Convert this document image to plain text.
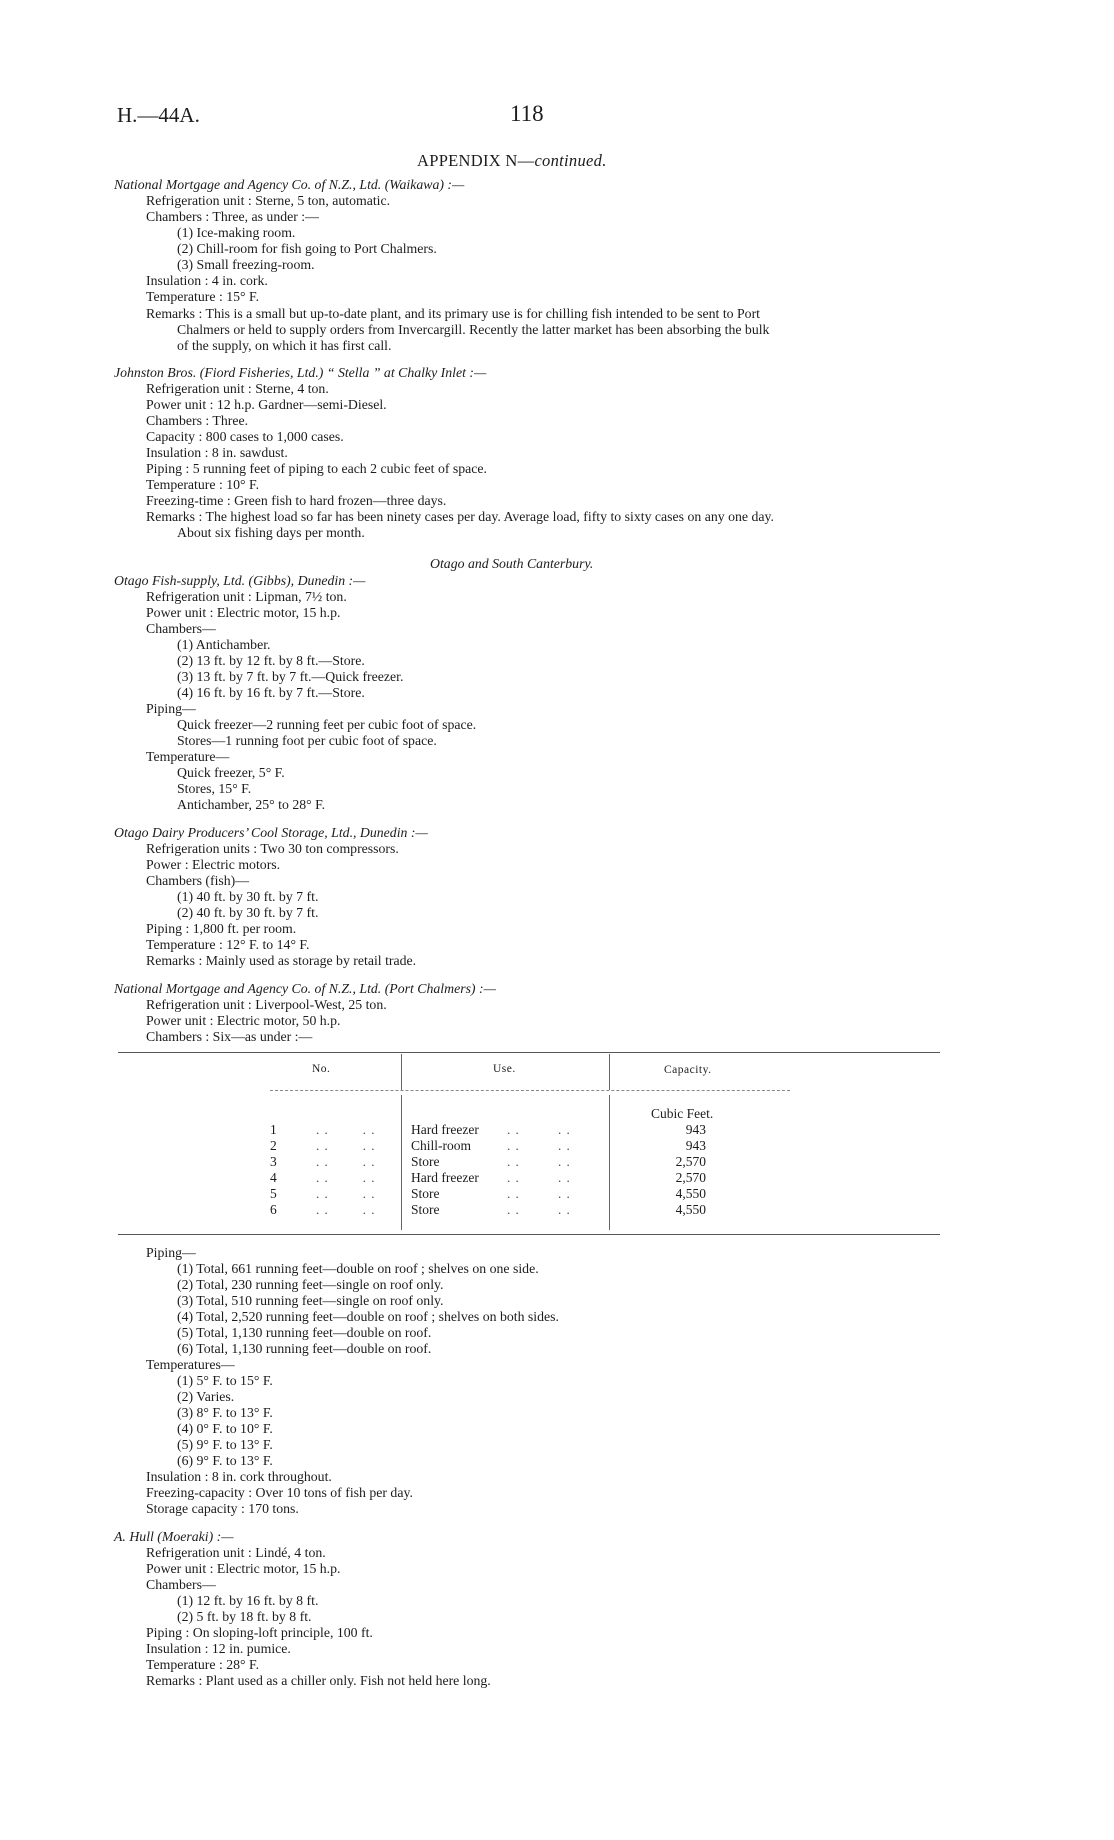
H.—44A.	118
APPENDIX N—continued.
National Mortgage and Agency Co. of N.Z., Ltd. (Waikawa) :—
Refrigeration unit : Sterne, 5 ton, automatic.
Chambers : Three, as under :—
(1) Ice-making room.
(2) Chill-room for fish going to Port Chalmers.
(3) Small freezing-room.
Insulation : 4 in. cork.
Temperature : 15° F.
Remarks : This is a small but up-to-date plant, and its primary use is for chilling fish intended to be sent to Port
Chalmers or held to supply orders from Invercargill. Recently the latter market has been absorbing the bulk
of the supply, on which it has first call.
Johnston Bros. (Fiord Fisheries, Ltd.) “ Stella ” at Chalky Inlet :—
Refrigeration unit : Sterne, 4 ton.
Power unit : 12 h.p. Gardner—semi-Diesel.
Chambers : Three.
Capacity : 800 cases to 1,000 cases.
Insulation : 8 in. sawdust.
Piping : 5 running feet of piping to each 2 cubic feet of space.
Temperature : 10° F.
Freezing-time : Green fish to hard frozen—three days.
Remarks : The highest load so far has been ninety cases per day. Average load, fifty to sixty cases on any one day.
About six fishing days per month.
Otago and South Canterbury.
Otago Fish-supply, Ltd. (Gibbs), Dunedin :—
Refrigeration unit : Lipman, 7½ ton.
Power unit : Electric motor, 15 h.p.
Chambers—
(1) Antichamber.
(2) 13 ft. by 12 ft. by 8 ft.—Store.
(3) 13 ft. by 7 ft. by 7 ft.—Quick freezer.
(4) 16 ft. by 16 ft. by 7 ft.—Store.
Piping—
Quick freezer—2 running feet per cubic foot of space.
Stores—1 running foot per cubic foot of space.
Temperature—
Quick freezer, 5° F.
Stores, 15° F.
Antichamber, 25° to 28° F.
Otago Dairy Producers’ Cool Storage, Ltd., Dunedin :—
Refrigeration units : Two 30 ton compressors.
Power : Electric motors.
Chambers (fish)—
(1) 40 ft. by 30 ft. by 7 ft.
(2) 40 ft. by 30 ft. by 7 ft.
Piping : 1,800 ft. per room.
Temperature : 12° F. to 14° F.
Remarks : Mainly used as storage by retail trade.
National Mortgage and Agency Co. of N.Z., Ltd. (Port Chalmers) :—
Refrigeration unit : Liverpool-West, 25 ton.
Power unit : Electric motor, 50 h.p.
Chambers : Six—as under :—
No.	Use.	Capacity.
Cubic Feet.
1	. .        . .	Hard freezer . .         . .	943
2	. .        . .	Chill-room	. .         . .	943
3	. .        . .	Store	. .         . .	2,570
4	. .        . .	Hard freezer . .         . .	2,570
5	. .        . .	Store	. .         . .	4,550
6	. .        . .	Store	. .         . .	4,550
Piping—
(1) Total, 661 running feet—double on roof ; shelves on one side.
(2) Total, 230 running feet—single on roof only.
(3) Total, 510 running feet—single on roof only.
(4) Total, 2,520 running feet—double on roof ; shelves on both sides.
(5) Total, 1,130 running feet—double on roof.
(6) Total, 1,130 running feet—double on roof.
Temperatures—
(1) 5° F. to 15° F.
(2) Varies.
(3) 8° F. to 13° F.
(4) 0° F. to 10° F.
(5) 9° F. to 13° F.
(6) 9° F. to 13° F.
Insulation : 8 in. cork throughout.
Freezing-capacity : Over 10 tons of fish per day.
Storage capacity : 170 tons.
A. Hull (Moeraki) :—
Refrigeration unit : Lindé, 4 ton.
Power unit : Electric motor, 15 h.p.
Chambers—
(1) 12 ft. by 16 ft. by 8 ft.
(2) 5 ft. by 18 ft. by 8 ft.
Piping : On sloping-loft principle, 100 ft.
Insulation : 12 in. pumice.
Temperature : 28° F.
Remarks : Plant used as a chiller only. Fish not held here long.
